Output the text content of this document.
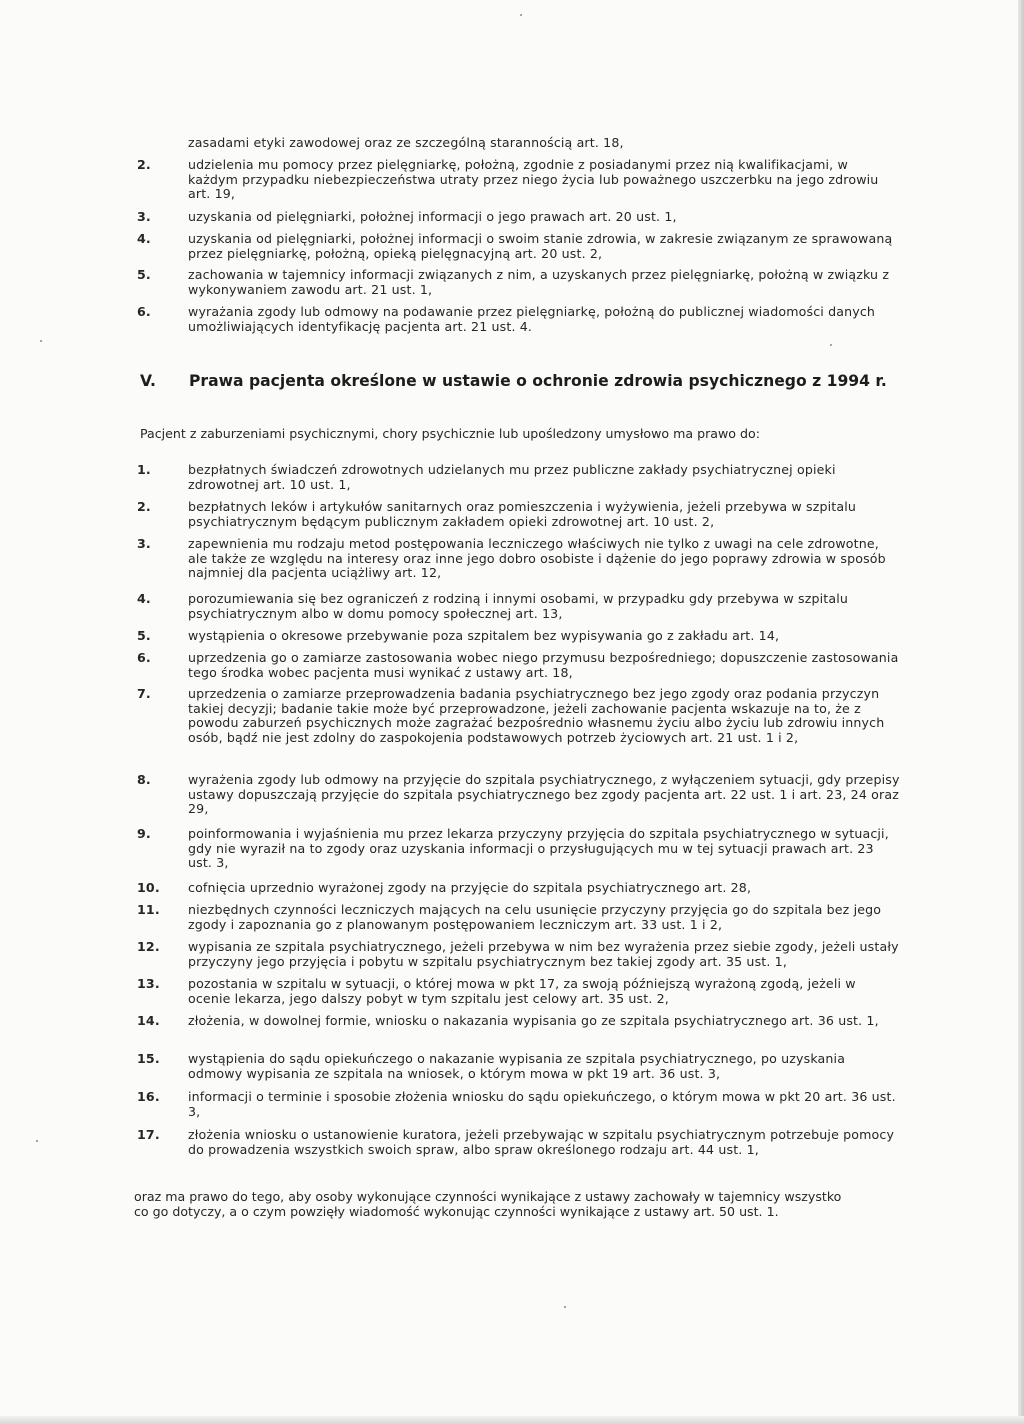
zasadami etyki zawodowej oraz ze szczególną starannością art. 18,
2.	udzielenia mu pomocy przez pielęgniarkę, położną, zgodnie z posiadanymi przez nią kwalifikacjami, w każdym przypadku niebezpieczeństwa utraty przez niego życia lub poważnego uszczerbku na jego zdrowiu art. 19,
3.	uzyskania od pielęgniarki, położnej informacji o jego prawach art. 20 ust. 1,
4.	uzyskania od pielęgniarki, położnej informacji o swoim stanie zdrowia, w zakresie związanym ze sprawowaną przez pielęgniarkę, położną, opieką pielęgnacyjną art. 20 ust. 2,
5.	zachowania w tajemnicy informacji związanych z nim, a uzyskanych przez pielęgniarkę, położną w związku z wykonywaniem zawodu art. 21 ust. 1,
6.	wyrażania zgody lub odmowy na podawanie przez pielęgniarkę, położną do publicznej wiadomości danych umożliwiających identyfikację pacjenta art. 21 ust. 4.
V. Prawa pacjenta określone w ustawie o ochronie zdrowia psychicznego z 1994 r.
Pacjent z zaburzeniami psychicznymi, chory psychicznie lub upośledzony umysłowo ma prawo do:
1.	bezpłatnych świadczeń zdrowotnych udzielanych mu przez publiczne zakłady psychiatrycznej opieki zdrowotnej art. 10 ust. 1,
2.	bezpłatnych leków i artykułów sanitarnych oraz pomieszczenia i wyżywienia, jeżeli przebywa w szpitalu psychiatrycznym będącym publicznym zakładem opieki zdrowotnej art. 10 ust. 2,
3.	zapewnienia mu rodzaju metod postępowania leczniczego właściwych nie tylko z uwagi na cele zdrowotne, ale także ze względu na interesy oraz inne jego dobro osobiste i dążenie do jego poprawy zdrowia w sposób najmniej dla pacjenta uciążliwy art. 12,
4.	porozumiewania się bez ograniczeń z rodziną i innymi osobami, w przypadku gdy przebywa w szpitalu psychiatrycznym albo w domu pomocy społecznej art. 13,
5.	wystąpienia o okresowe przebywanie poza szpitalem bez wypisywania go z zakładu art. 14,
6.	uprzedzenia go o zamiarze zastosowania wobec niego przymusu bezpośredniego; dopuszczenie zastosowania tego środka wobec pacjenta musi wynikać z ustawy art. 18,
7.	uprzedzenia o zamiarze przeprowadzenia badania psychiatrycznego bez jego zgody oraz podania przyczyn takiej decyzji; badanie takie może być przeprowadzone, jeżeli zachowanie pacjenta wskazuje na to, że z powodu zaburzeń psychicznych może zagrażać bezpośrednio własnemu życiu albo życiu lub zdrowiu innych osób, bądź nie jest zdolny do zaspokojenia podstawowych potrzeb życiowych art. 21 ust. 1 i 2,
8.	wyrażenia zgody lub odmowy na przyjęcie do szpitala psychiatrycznego, z wyłączeniem sytuacji, gdy przepisy ustawy dopuszczają przyjęcie do szpitala psychiatrycznego bez zgody pacjenta art. 22 ust. 1 i art. 23, 24 oraz 29,
9.	poinformowania i wyjaśnienia mu przez lekarza przyczyny przyjęcia do szpitala psychiatrycznego w sytuacji, gdy nie wyraził na to zgody oraz uzyskania informacji o przysługujących mu w tej sytuacji prawach art. 23 ust. 3,
10.	cofnięcia uprzednio wyrażonej zgody na przyjęcie do szpitala psychiatrycznego art. 28,
11.	niezbędnych czynności leczniczych mających na celu usunięcie przyczyny przyjęcia go do szpitala bez jego zgody i zapoznania go z planowanym postępowaniem leczniczym art. 33 ust. 1 i 2,
12.	wypisania ze szpitala psychiatrycznego, jeżeli przebywa w nim bez wyrażenia przez siebie zgody, jeżeli ustały przyczyny jego przyjęcia i pobytu w szpitalu psychiatrycznym bez takiej zgody art. 35 ust. 1,
13.	pozostania w szpitalu w sytuacji, o której mowa w pkt 17, za swoją późniejszą wyrażoną zgodą, jeżeli w ocenie lekarza, jego dalszy pobyt w tym szpitalu jest celowy art. 35 ust. 2,
14.	złożenia, w dowolnej formie, wniosku o nakazania wypisania go ze szpitala psychiatrycznego art. 36 ust. 1,
15.	wystąpienia do sądu opiekuńczego o nakazanie wypisania ze szpitala psychiatrycznego, po uzyskania odmowy wypisania ze szpitala na wniosek, o którym mowa w pkt 19 art. 36 ust. 3,
16.	informacji o terminie i sposobie złożenia wniosku do sądu opiekuńczego, o którym mowa w pkt 20 art. 36 ust. 3,
17.	złożenia wniosku o ustanowienie kuratora, jeżeli przebywając w szpitalu psychiatrycznym potrzebuje pomocy do prowadzenia wszystkich swoich spraw, albo spraw określonego rodzaju art. 44 ust. 1,
oraz ma prawo do tego, aby osoby wykonujące czynności wynikające z ustawy zachowały w tajemnicy wszystko co go dotyczy, a o czym powzięły wiadomość wykonując czynności wynikające z ustawy art. 50 ust. 1.
